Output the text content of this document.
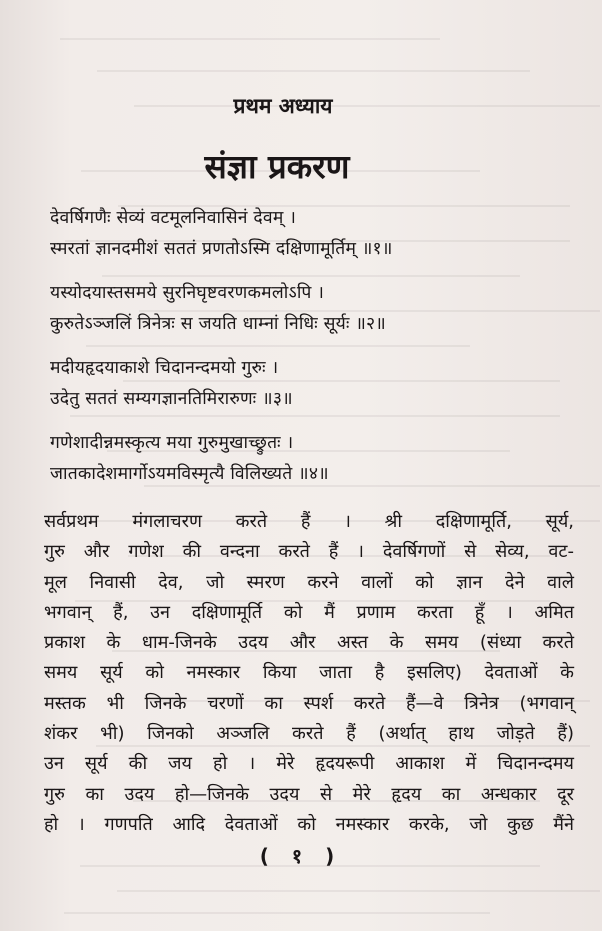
प्रथम अध्याय
संज्ञा प्रकरण
देवर्षिगणैः सेव्यं वटमूलनिवासिनं देवम् ।
स्मरतां ज्ञानदमीशं सततं प्रणतोऽस्मि दक्षिणामूर्तिम् ॥१॥
यस्योदयास्तसमये सुरनिघृष्टवरणकमलोऽपि ।
कुरुतेऽञ्जलिं त्रिनेत्रः स जयति धाम्नां निधिः सूर्यः ॥२॥
मदीयहृदयाकाशे चिदानन्दमयो गुरुः ।
उदेतु सततं सम्यगज्ञानतिमिरारुणः ॥३॥
गणेशादीन्नमस्कृत्य मया गुरुमुखाच्छ्रुतः ।
जातकादेशमार्गोऽयमविस्मृत्यै विलिख्यते ॥४॥
सर्वप्रथम मंगलाचरण करते हैं । श्री दक्षिणामूर्ति, सूर्य,
गुरु और गणेश की वन्दना करते हैं । देवर्षिगणों से सेव्य, वट-
मूल निवासी देव, जो स्मरण करने वालों को ज्ञान देने वाले
भगवान् हैं, उन दक्षिणामूर्ति को मैं प्रणाम करता हूँ । अमित
प्रकाश के धाम-जिनके उदय और अस्त के समय (संध्या करते
समय सूर्य को नमस्कार किया जाता है इसलिए) देवताओं के
मस्तक भी जिनके चरणों का स्पर्श करते हैं—वे त्रिनेत्र (भगवान्
शंकर भी) जिनको अञ्जलि करते हैं (अर्थात् हाथ जोड़ते हैं)
उन सूर्य की जय हो । मेरे हृदयरूपी आकाश में चिदानन्दमय
गुरु का उदय हो—जिनके उदय से मेरे हृदय का अन्धकार दूर
हो । गणपति आदि देवताओं को नमस्कार करके, जो कुछ मैंने
( १ )
